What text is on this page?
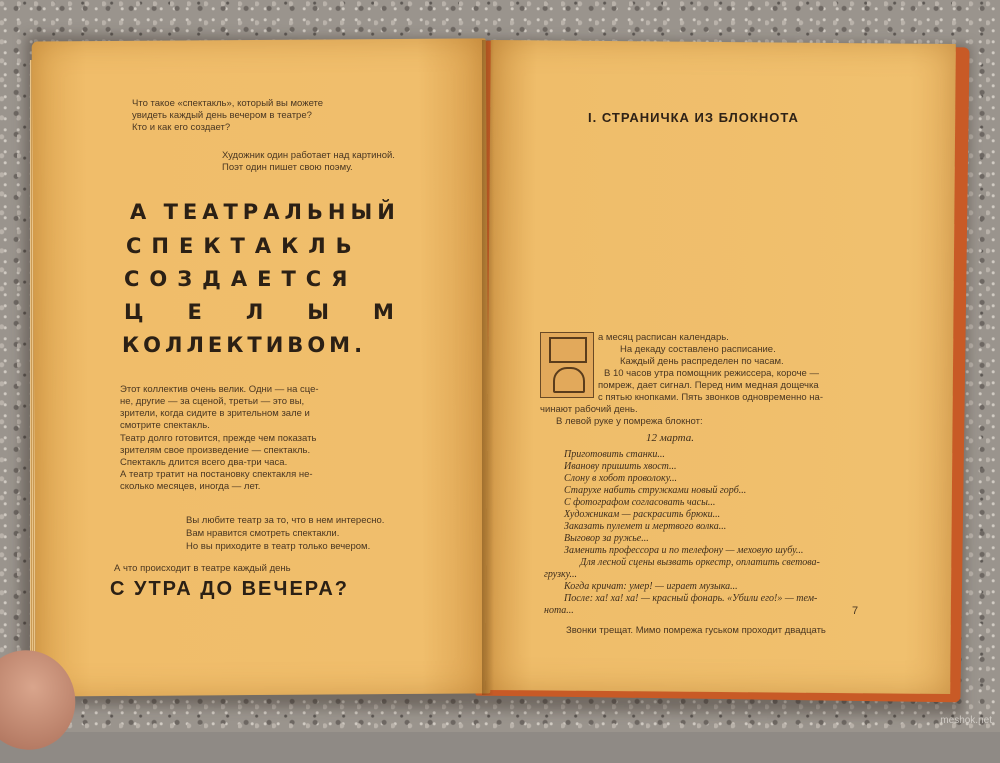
Что такое «спектакль», который вы можете
увидеть каждый день вечером в театре?
Кто и как его создает?
Художник один работает над картиной.
Поэт один пишет свою поэму.
А ТЕАТРАЛЬНЫЙ
СПЕКТАКЛЬ
СОЗДАЕТСЯ
ЦЕЛЫМ
КОЛЛЕКТИВОМ.
Этот коллектив очень велик. Одни — на сце-
не, другие — за сценой, третьи — это вы,
зрители, когда сидите в зрительном зале и
смотрите спектакль.
Театр долго готовится, прежде чем показать
зрителям свое произведение — спектакль.
Спектакль длится всего два-три часа.
А театр тратит на постановку спектакля не-
сколько месяцев, иногда — лет.
Вы любите театр за то, что в нем интересно.
Вам нравится смотреть спектакли.
Но вы приходите в театр только вечером.
А что происходит в театре каждый день
С УТРА ДО ВЕЧЕРА?
I. СТРАНИЧКА ИЗ БЛОКНОТА
а месяц расписан календарь.
На декаду составлено расписание.
Каждый день распределен по часам.
В 10 часов утра помощник режиссера, короче —
помреж, дает сигнал. Перед ним медная дощечка
с пятью кнопками. Пять звонков одновременно на-
чинают рабочий день.
В левой руке у помрежа блокнот:
12 марта.
Приготовить станки...
Иванову пришить хвост...
Слону в хобот проволоку...
Старухе набить стружками новый горб...
С фотографом согласовать часы...
Художникам — раскрасить брюки...
Заказать пулемет и мертвого волка...
Выговор за ружье...
Заменить профессора и по телефону — меховую шубу...
Для лесной сцены вызвать оркестр, оплатить светова-
грузку...
Когда кричат: умер! — играет музыка...
После: ха! ха! ха! — красный фонарь. «Убили его!» — тем-
нота...
Звонки трещат. Мимо помрежа гуськом проходит двадцать
7
meshok.net
